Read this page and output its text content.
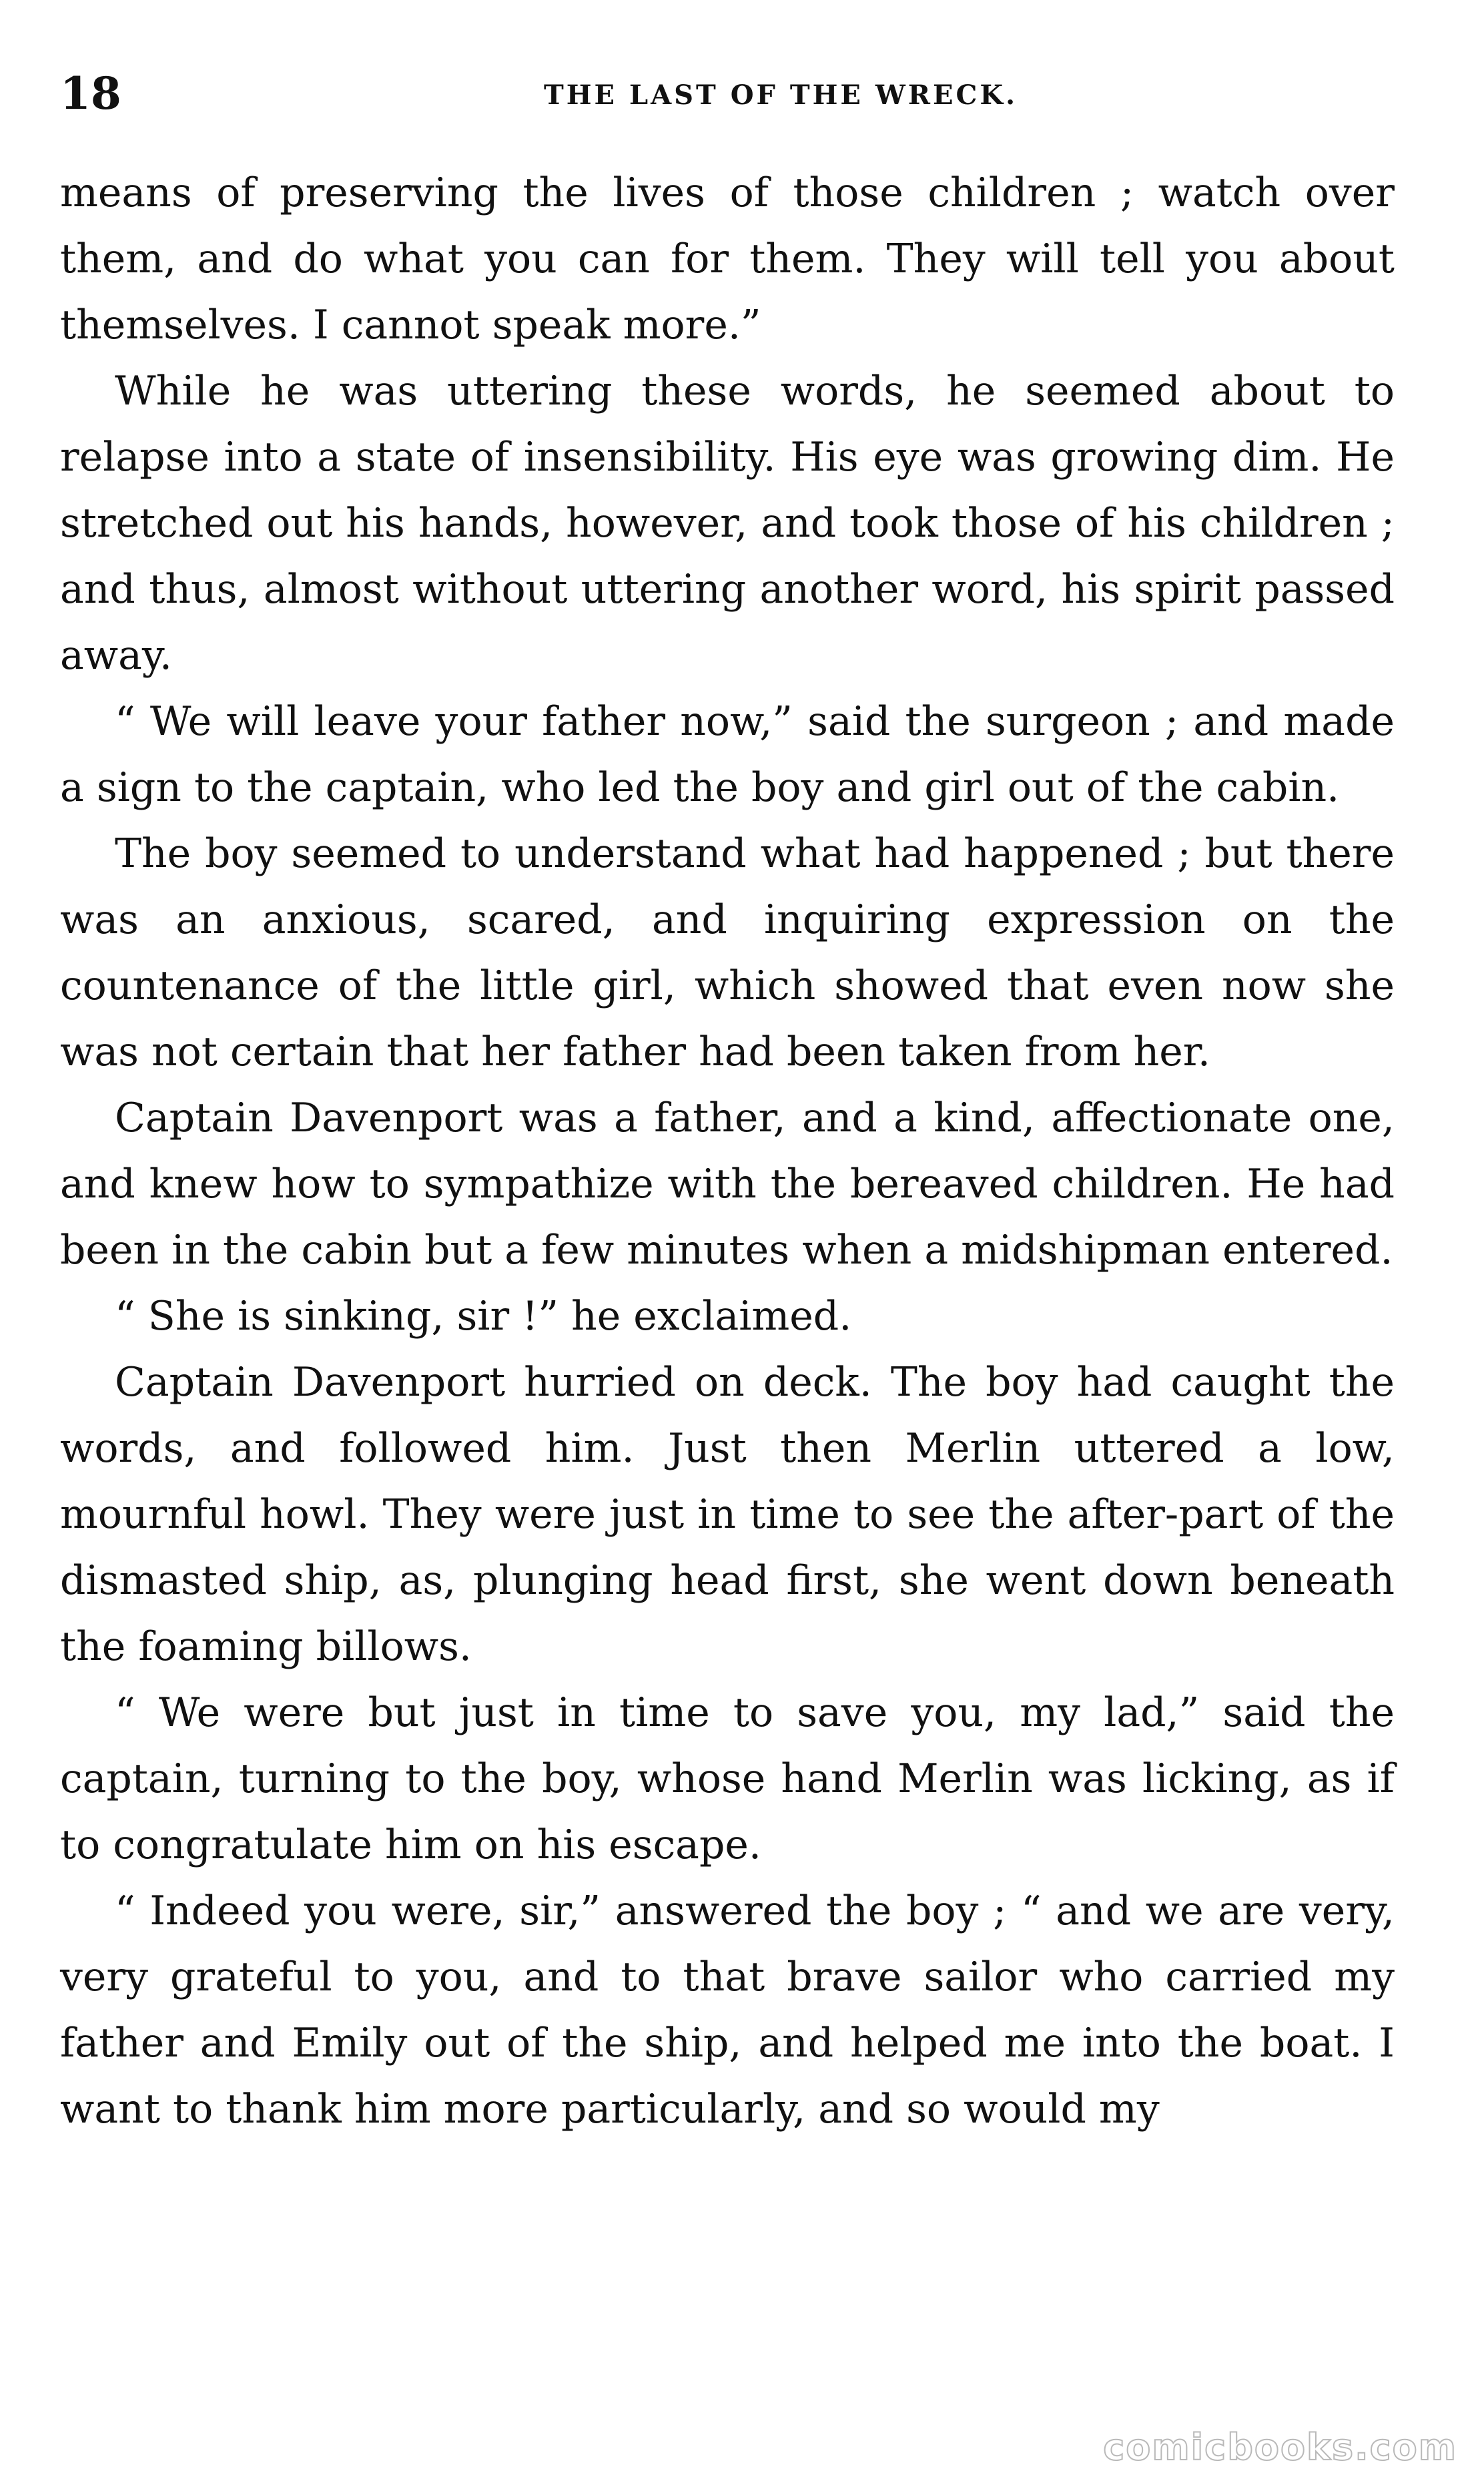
18	THE LAST OF THE WRECK.

means of preserving the lives of those children ; watch over them, and do what you can for them. They will tell you about themselves. I cannot speak more.”

While he was uttering these words, he seemed about to relapse into a state of insensibility. His eye was growing dim. He stretched out his hands, however, and took those of his children ; and thus, almost without uttering another word, his spirit passed away.

“ We will leave your father now,” said the surgeon ; and made a sign to the captain, who led the boy and girl out of the cabin.

The boy seemed to understand what had happened ; but there was an anxious, scared, and inquiring expression on the countenance of the little girl, which showed that even now she was not certain that her father had been taken from her.

Captain Davenport was a father, and a kind, affectionate one, and knew how to sympathize with the bereaved children. He had been in the cabin but a few minutes when a midshipman entered.

“ She is sinking, sir !” he exclaimed.

Captain Davenport hurried on deck. The boy had caught the words, and followed him. Just then Merlin uttered a low, mournful howl. They were just in time to see the after-part of the dismasted ship, as, plunging head first, she went down beneath the foaming billows.

“ We were but just in time to save you, my lad,” said the captain, turning to the boy, whose hand Merlin was licking, as if to congratulate him on his escape.

“ Indeed you were, sir,” answered the boy ; “ and we are very, very grateful to you, and to that brave sailor who carried my father and Emily out of the ship, and helped me into the boat. I want to thank him more particularly, and so would my

comicbooks.com
